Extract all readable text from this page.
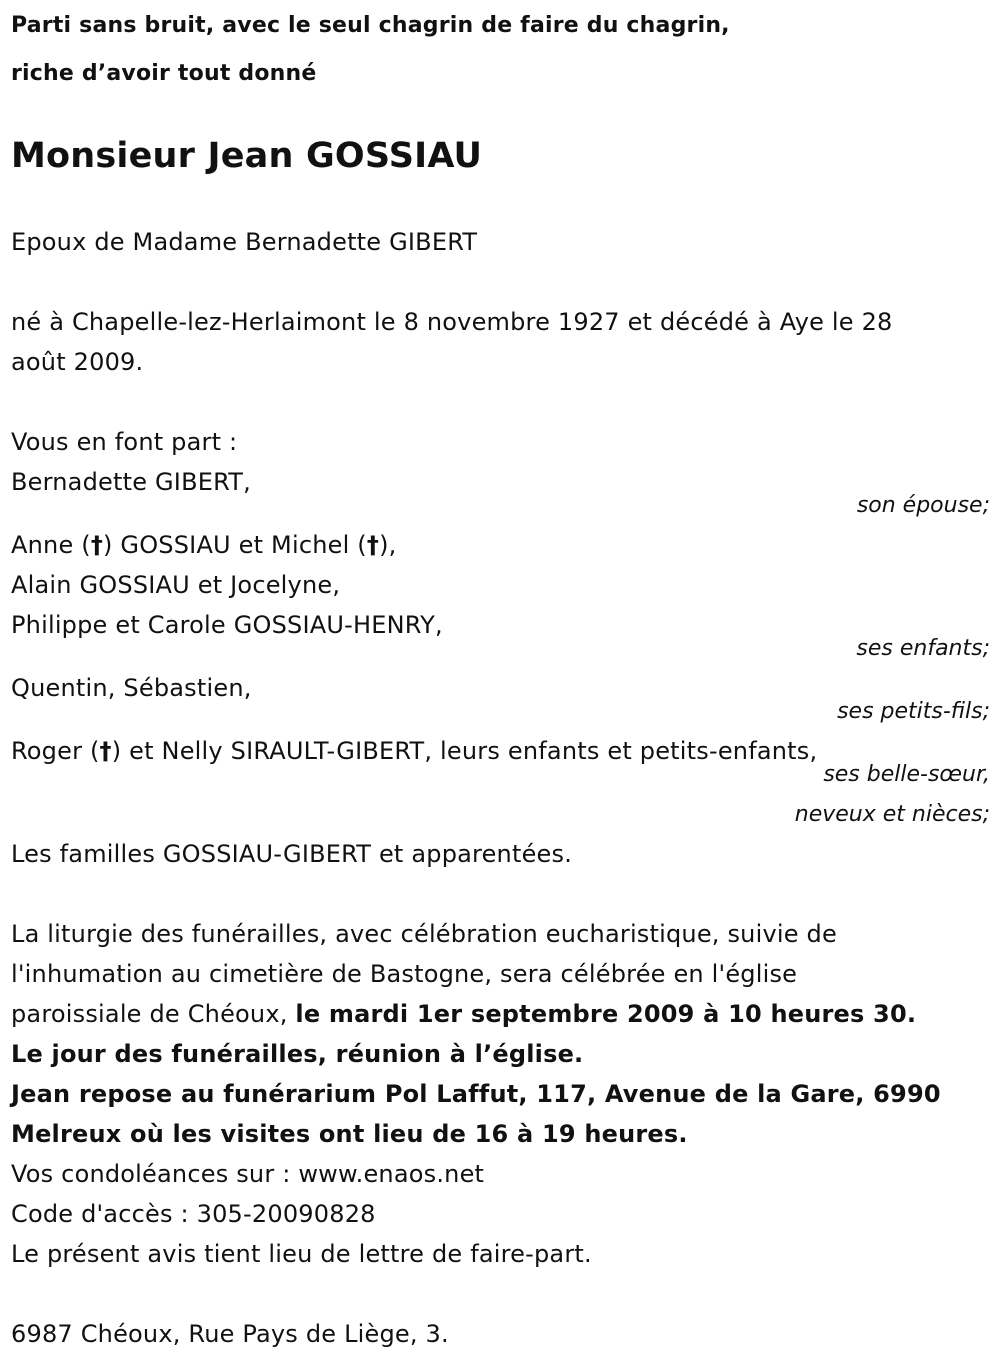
Parti sans bruit, avec le seul chagrin de faire du chagrin,

riche d’avoir tout donné

Monsieur Jean GOSSIAU

Epoux de Madame Bernadette GIBERT

né à Chapelle-lez-Herlaimont le 8 novembre 1927 et décédé à Aye le 28

août 2009.

Vous en font part :

Bernadette GIBERT,

son épouse;

Anne (†) GOSSIAU et Michel (†),

Alain GOSSIAU et Jocelyne,

Philippe et Carole GOSSIAU-HENRY,

ses enfants;

Quentin, Sébastien,

ses petits-fils;

Roger (†) et Nelly SIRAULT-GIBERT, leurs enfants et petits-enfants,

ses belle-sœur,

neveux et nièces;

Les familles GOSSIAU-GIBERT et apparentées.

La liturgie des funérailles, avec célébration eucharistique, suivie de

l'inhumation au cimetière de Bastogne, sera célébrée en l'église

paroissiale de Chéoux, le mardi 1er septembre 2009 à 10 heures 30.

Le jour des funérailles, réunion à l’église.

Jean repose au funérarium Pol Laffut, 117, Avenue de la Gare, 6990

Melreux où les visites ont lieu de 16 à 19 heures.

Vos condoléances sur : www.enaos.net

Code d'accès : 305-20090828

Le présent avis tient lieu de lettre de faire-part.

6987 Chéoux, Rue Pays de Liège, 3.
